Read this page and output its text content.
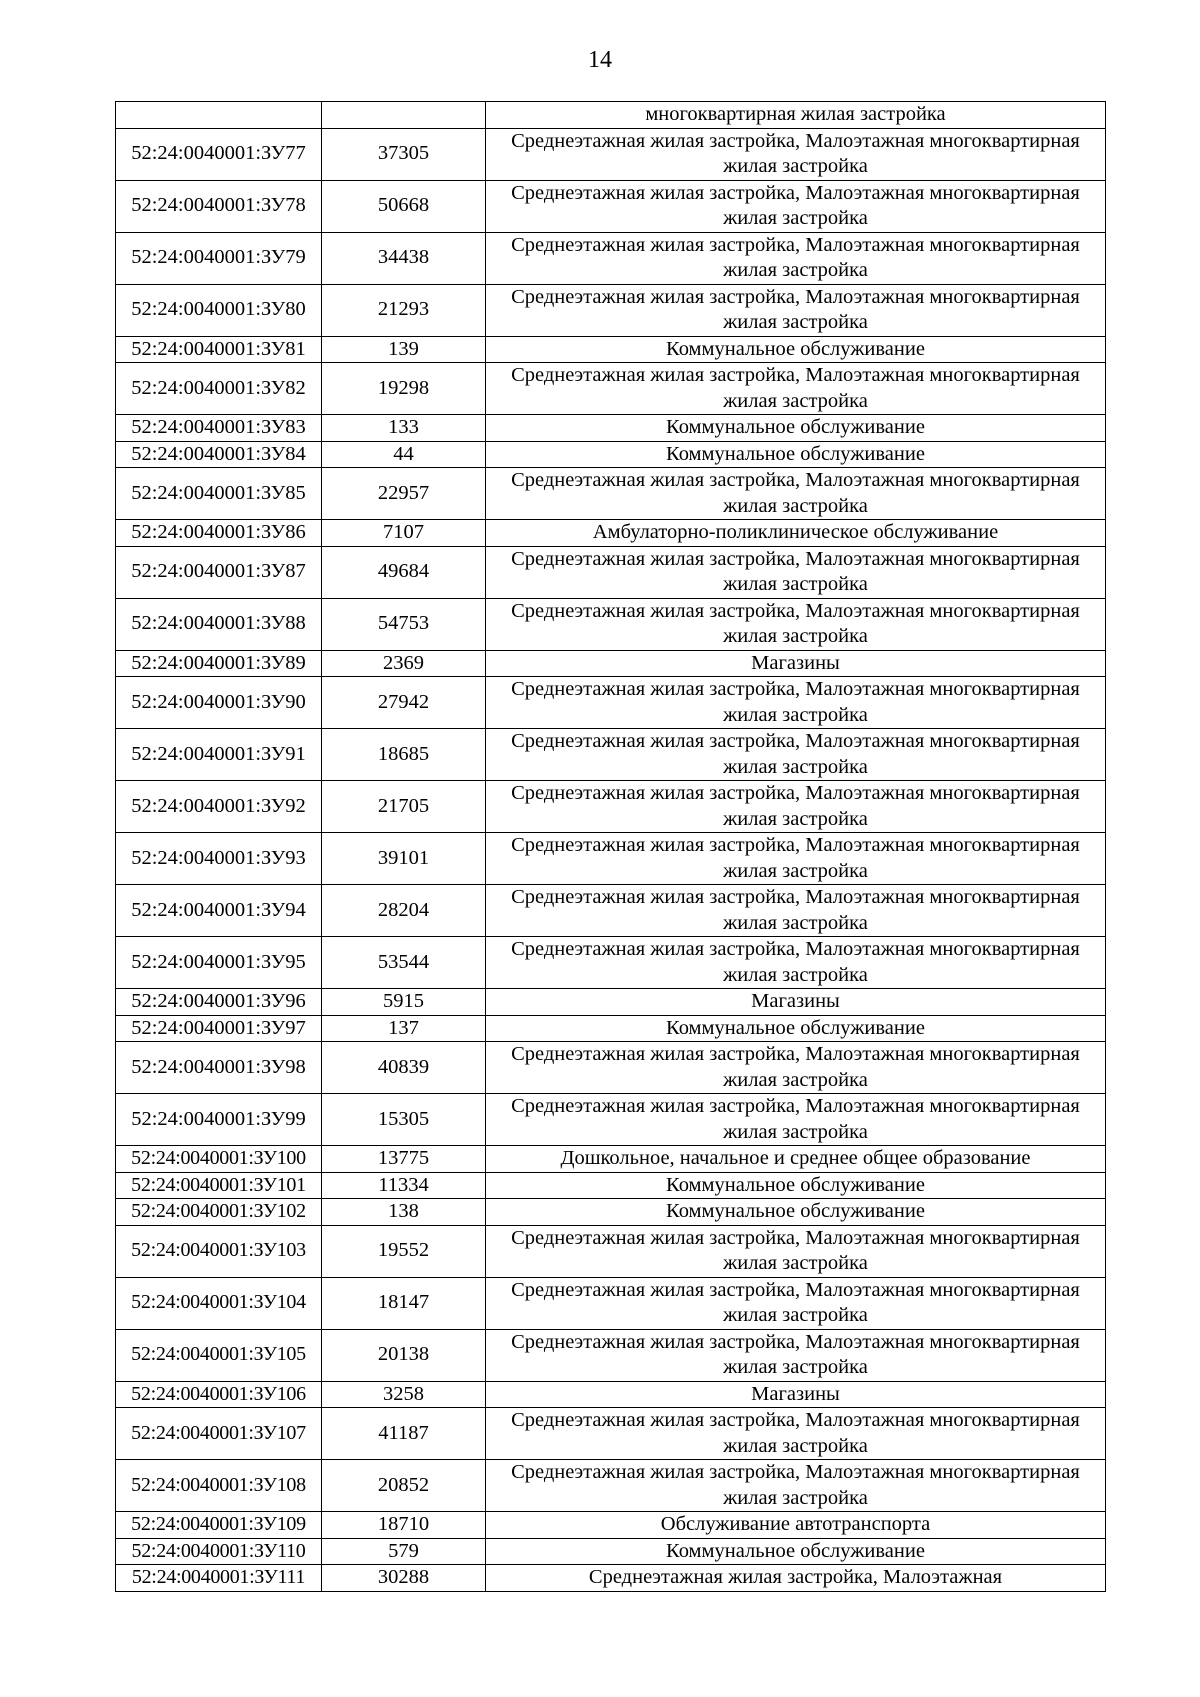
14
		многоквартирная жилая застройка
52:24:0040001:ЗУ77	37305	Среднеэтажная жилая застройка, Малоэтажная многоквартирная жилая застройка
52:24:0040001:ЗУ78	50668	Среднеэтажная жилая застройка, Малоэтажная многоквартирная жилая застройка
52:24:0040001:ЗУ79	34438	Среднеэтажная жилая застройка, Малоэтажная многоквартирная жилая застройка
52:24:0040001:ЗУ80	21293	Среднеэтажная жилая застройка, Малоэтажная многоквартирная жилая застройка
52:24:0040001:ЗУ81	139	Коммунальное обслуживание
52:24:0040001:ЗУ82	19298	Среднеэтажная жилая застройка, Малоэтажная многоквартирная жилая застройка
52:24:0040001:ЗУ83	133	Коммунальное обслуживание
52:24:0040001:ЗУ84	44	Коммунальное обслуживание
52:24:0040001:ЗУ85	22957	Среднеэтажная жилая застройка, Малоэтажная многоквартирная жилая застройка
52:24:0040001:ЗУ86	7107	Амбулаторно-поликлиническое обслуживание
52:24:0040001:ЗУ87	49684	Среднеэтажная жилая застройка, Малоэтажная многоквартирная жилая застройка
52:24:0040001:ЗУ88	54753	Среднеэтажная жилая застройка, Малоэтажная многоквартирная жилая застройка
52:24:0040001:ЗУ89	2369	Магазины
52:24:0040001:ЗУ90	27942	Среднеэтажная жилая застройка, Малоэтажная многоквартирная жилая застройка
52:24:0040001:ЗУ91	18685	Среднеэтажная жилая застройка, Малоэтажная многоквартирная жилая застройка
52:24:0040001:ЗУ92	21705	Среднеэтажная жилая застройка, Малоэтажная многоквартирная жилая застройка
52:24:0040001:ЗУ93	39101	Среднеэтажная жилая застройка, Малоэтажная многоквартирная жилая застройка
52:24:0040001:ЗУ94	28204	Среднеэтажная жилая застройка, Малоэтажная многоквартирная жилая застройка
52:24:0040001:ЗУ95	53544	Среднеэтажная жилая застройка, Малоэтажная многоквартирная жилая застройка
52:24:0040001:ЗУ96	5915	Магазины
52:24:0040001:ЗУ97	137	Коммунальное обслуживание
52:24:0040001:ЗУ98	40839	Среднеэтажная жилая застройка, Малоэтажная многоквартирная жилая застройка
52:24:0040001:ЗУ99	15305	Среднеэтажная жилая застройка, Малоэтажная многоквартирная жилая застройка
52:24:0040001:ЗУ100	13775	Дошкольное, начальное и среднее общее образование
52:24:0040001:ЗУ101	11334	Коммунальное обслуживание
52:24:0040001:ЗУ102	138	Коммунальное обслуживание
52:24:0040001:ЗУ103	19552	Среднеэтажная жилая застройка, Малоэтажная многоквартирная жилая застройка
52:24:0040001:ЗУ104	18147	Среднеэтажная жилая застройка, Малоэтажная многоквартирная жилая застройка
52:24:0040001:ЗУ105	20138	Среднеэтажная жилая застройка, Малоэтажная многоквартирная жилая застройка
52:24:0040001:ЗУ106	3258	Магазины
52:24:0040001:ЗУ107	41187	Среднеэтажная жилая застройка, Малоэтажная многоквартирная жилая застройка
52:24:0040001:ЗУ108	20852	Среднеэтажная жилая застройка, Малоэтажная многоквартирная жилая застройка
52:24:0040001:ЗУ109	18710	Обслуживание автотранспорта
52:24:0040001:ЗУ110	579	Коммунальное обслуживание
52:24:0040001:ЗУ111	30288	Среднеэтажная жилая застройка, Малоэтажная
